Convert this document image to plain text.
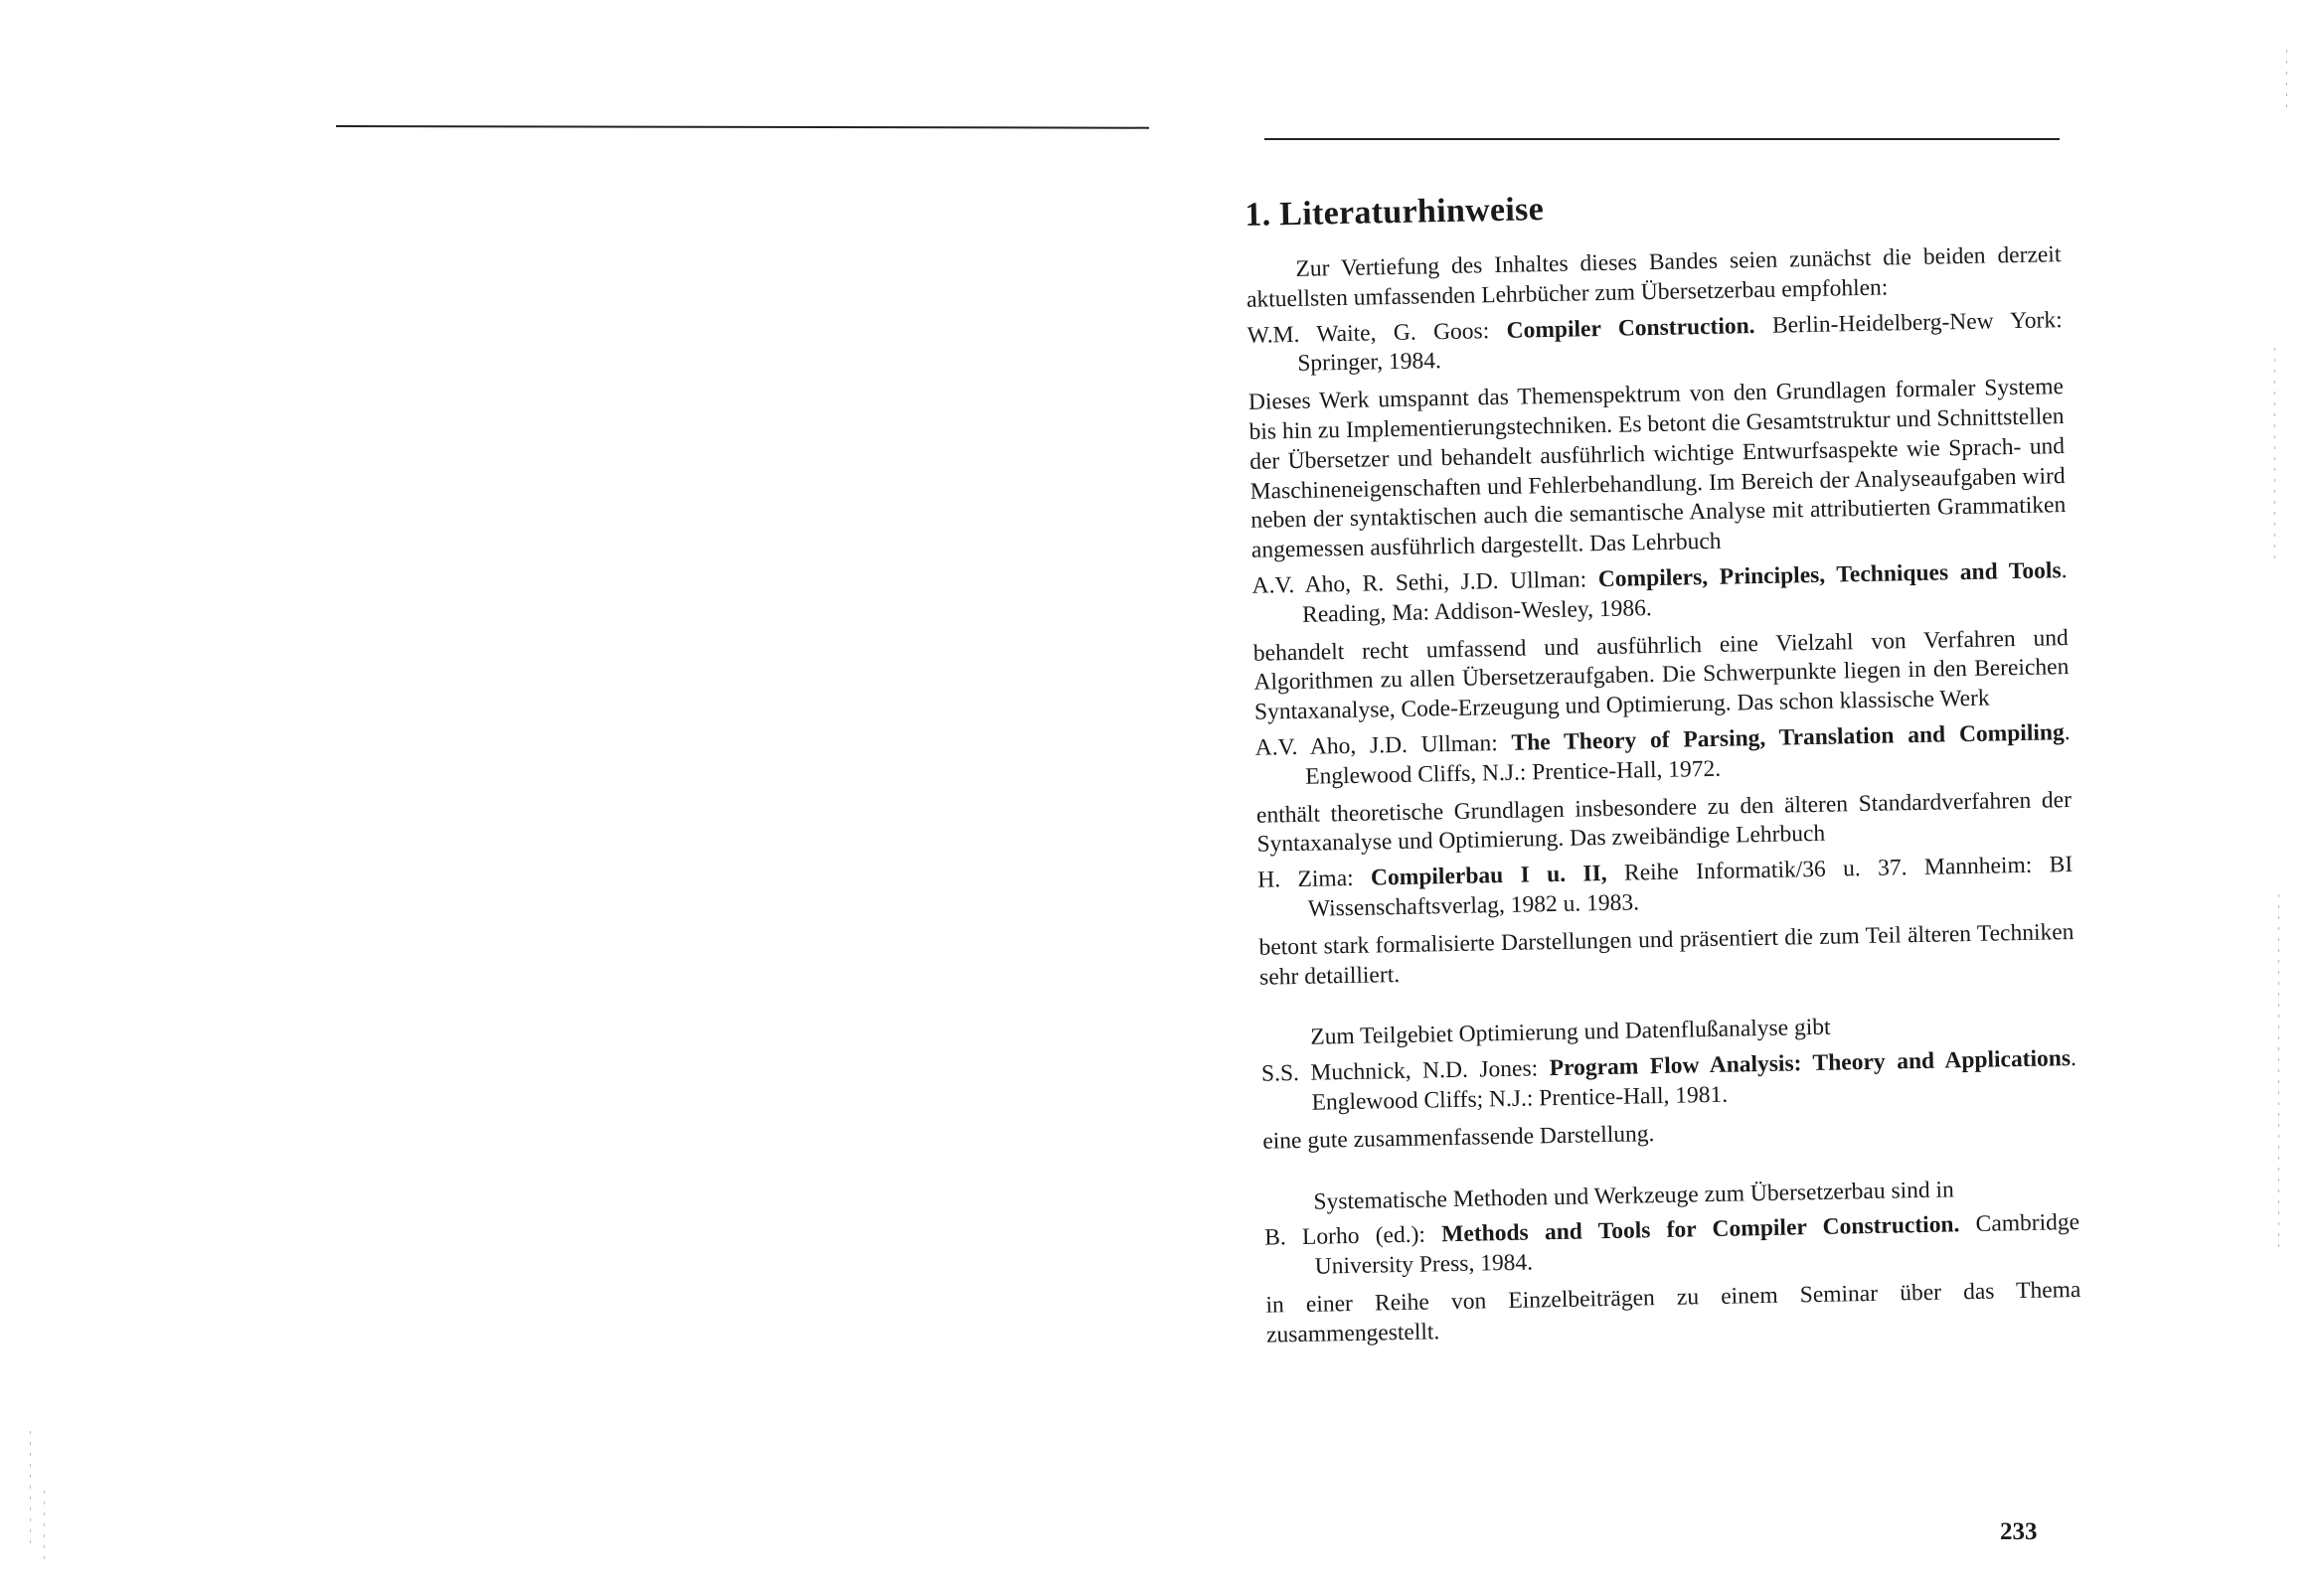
1. Literaturhinweise

Zur Vertiefung des Inhaltes dieses Bandes seien zunächst die beiden derzeit aktuellsten umfassenden Lehrbücher zum Übersetzerbau empfohlen:

W.M. Waite, G. Goos: Compiler Construction. Berlin-Heidelberg-New York: Springer, 1984.

Dieses Werk umspannt das Themenspektrum von den Grundlagen formaler Systeme bis hin zu Implementierungstechniken. Es betont die Gesamtstruktur und Schnittstellen der Übersetzer und behandelt ausführlich wichtige Entwurfsaspekte wie Sprach- und Maschineneigenschaften und Fehlerbehandlung. Im Bereich der Analyseaufgaben wird neben der syntaktischen auch die semantische Analyse mit attributierten Grammatiken angemessen ausführlich dargestellt. Das Lehrbuch

A.V. Aho, R. Sethi, J.D. Ullman: Compilers, Principles, Techniques and Tools. Reading, Ma: Addison-Wesley, 1986.

behandelt recht umfassend und ausführlich eine Vielzahl von Verfahren und Algorithmen zu allen Übersetzeraufgaben. Die Schwerpunkte liegen in den Bereichen Syntaxanalyse, Code-Erzeugung und Optimierung. Das schon klassische Werk

A.V. Aho, J.D. Ullman: The Theory of Parsing, Translation and Compiling. Englewood Cliffs, N.J.: Prentice-Hall, 1972.

enthält theoretische Grundlagen insbesondere zu den älteren Standardverfahren der Syntaxanalyse und Optimierung. Das zweibändige Lehrbuch

H. Zima: Compilerbau I u. II, Reihe Informatik/36 u. 37. Mannheim: BI Wissenschaftsverlag, 1982 u. 1983.

betont stark formalisierte Darstellungen und präsentiert die zum Teil älteren Techniken sehr detailliert.

Zum Teilgebiet Optimierung und Datenflußanalyse gibt

S.S. Muchnick, N.D. Jones: Program Flow Analysis: Theory and Applications. Englewood Cliffs; N.J.: Prentice-Hall, 1981.

eine gute zusammenfassende Darstellung.

Systematische Methoden und Werkzeuge zum Übersetzerbau sind in

B. Lorho (ed.): Methods and Tools for Compiler Construction. Cambridge University Press, 1984.

in einer Reihe von Einzelbeiträgen zu einem Seminar über das Thema zusammengestellt.

233
